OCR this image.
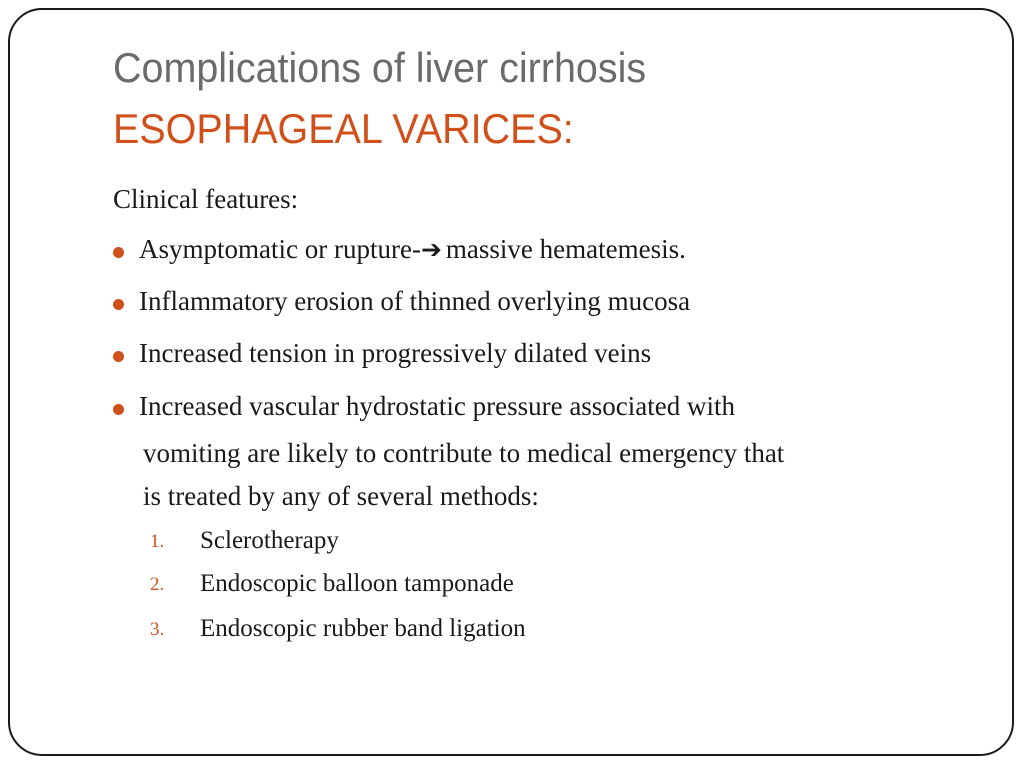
Complications of liver cirrhosis
ESOPHAGEAL VARICES:
Clinical features:
Asymptomatic or rupture-➔ massive hematemesis.
Inflammatory erosion of thinned overlying mucosa
Increased tension in progressively dilated veins
Increased vascular hydrostatic pressure associated with
vomiting are likely to contribute to medical emergency that
is treated by any of several methods:
1. Sclerotherapy
2. Endoscopic balloon tamponade
3. Endoscopic rubber band ligation
